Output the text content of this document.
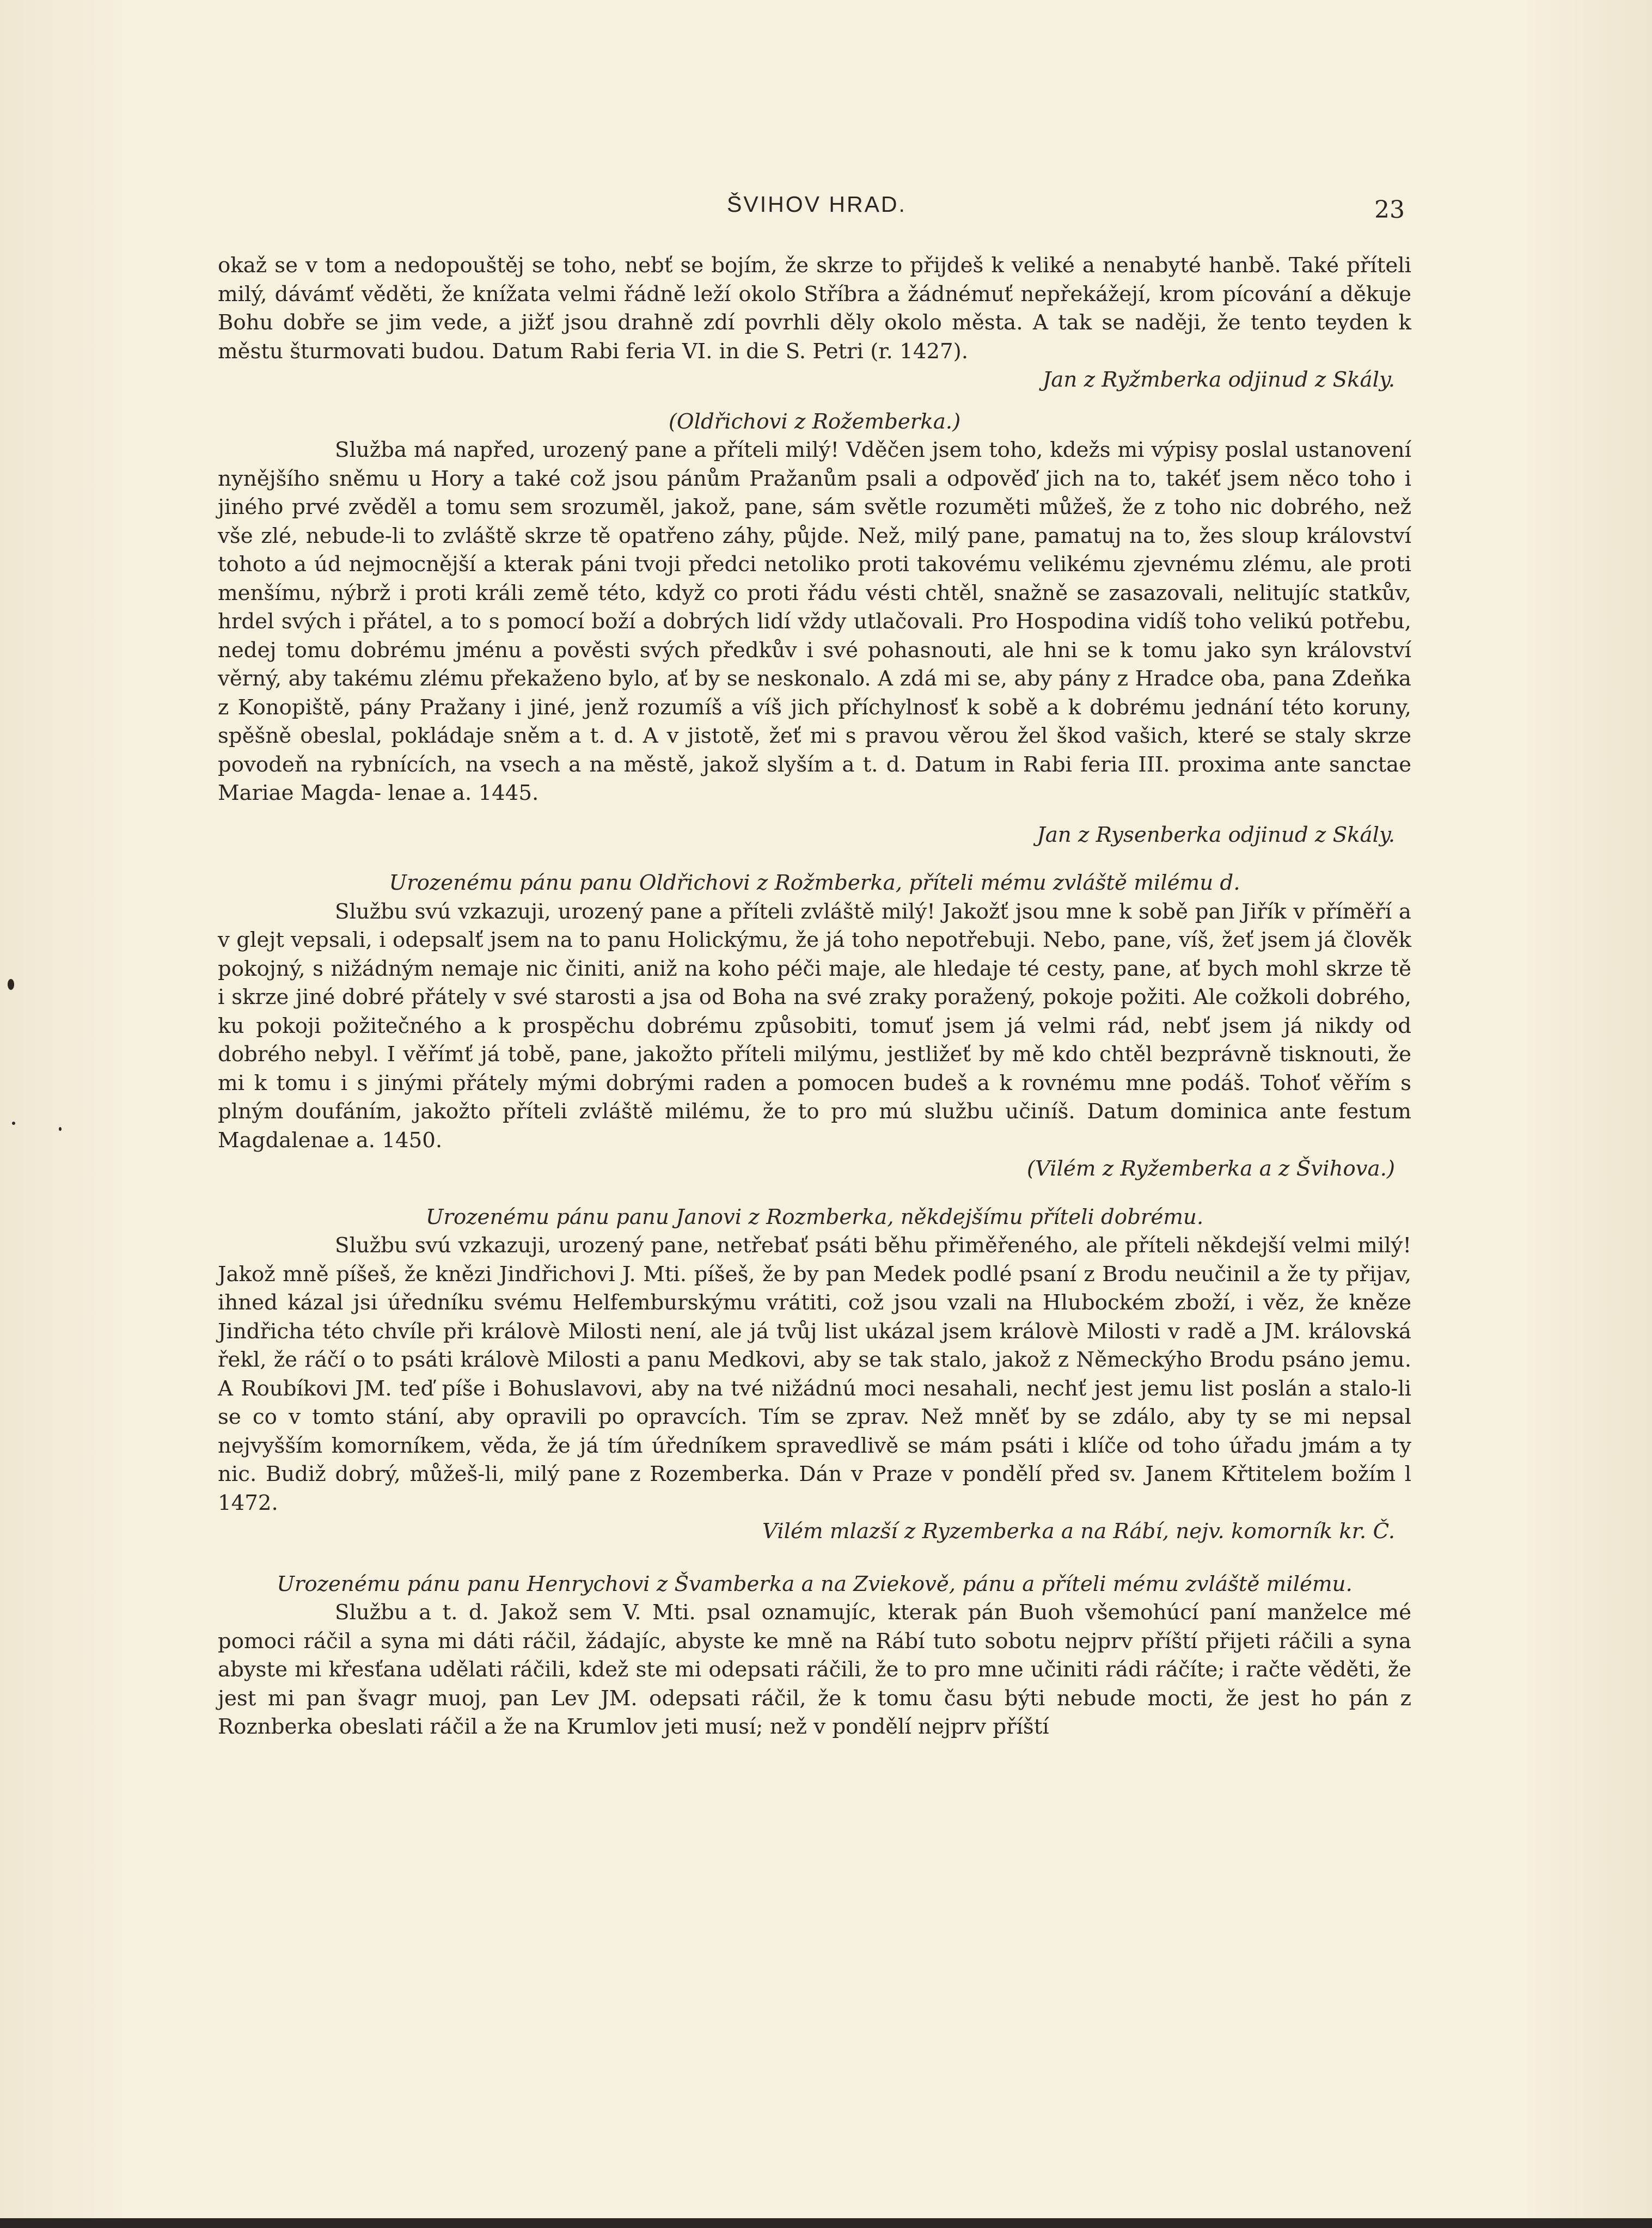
ŠVIHOV HRAD.	23

okaž se v tom a nedopouštěj se toho, nebť se bojím, že skrze to přijdeš k veliké a nenabyté hanbě. Také příteli milý, dávámť věděti, že knížata velmi řádně leží okolo Stříbra a žádnémuť nepřekážejí, krom pícování a děkuje Bohu dobře se jim vede, a jižť jsou drahně zdí povrhli děly okolo města. A tak se naději, že tento teyden k městu šturmovati budou. Datum Rabi feria VI. in die S. Petri (r. 1427).

Jan z Ryžmberka odjinud z Skály.

(Oldřichovi z Rožemberka.)

Služba má napřed, urozený pane a příteli milý! Vděčen jsem toho, kdežs mi výpisy poslal ustanovení nynějšího sněmu u Hory a také což jsou pánům Pražanům psali a odpověď jich na to, takéť jsem něco toho i jiného prvé zvěděl a tomu sem srozuměl, jakož, pane, sám světle rozuměti můžeš, že z toho nic dobrého, než vše zlé, nebude-li to zvláště skrze tě opatřeno záhy, půjde. Než, milý pane, pamatuj na to, žes sloup království tohoto a úd nejmocnější a kterak páni tvoji předci netoliko proti takovému velikému zjevnému zlému, ale proti menšímu, nýbrž i proti králi země této, když co proti řádu vésti chtěl, snažně se zasazovali, nelitujíc statkův, hrdel svých i přátel, a to s pomocí boží a dobrých lidí vždy utlačovali. Pro Hospodina vidíš toho velikú potřebu, nedej tomu dobrému jménu a pověsti svých předkův i své pohasnouti, ale hni se k tomu jako syn království věrný, aby takému zlému překaženo bylo, ať by se neskonalo. A zdá mi se, aby pány z Hradce oba, pana Zdeňka z Konopiště, pány Pražany i jiné, jenž rozumíš a víš jich příchylnosť k sobě a k dobrému jednání této koruny, spěšně obeslal, pokládaje sněm a t. d. A v jistotě, žeť mi s pravou věrou žel škod vašich, které se staly skrze povodeň na rybnících, na vsech a na městě, jakož slyším a t. d. Datum in Rabi feria III. proxima ante sanctae Mariae Magda- lenae a. 1445.

Jan z Rysenberka odjinud z Skály.

Urozenému pánu panu Oldřichovi z Rožmberka, příteli mému zvláště milému d.

Službu svú vzkazuji, urozený pane a příteli zvláště milý! Jakožť jsou mne k sobě pan Jiřík v příměří a v glejt vepsali, i odepsalť jsem na to panu Holickýmu, že já toho nepotřebuji. Nebo, pane, víš, žeť jsem já člověk pokojný, s nižádným nemaje nic činiti, aniž na koho péči maje, ale hledaje té cesty, pane, ať bych mohl skrze tě i skrze jiné dobré přátely v své starosti a jsa od Boha na své zraky poražený, pokoje požiti. Ale cožkoli dobrého, ku pokoji požitečného a k prospěchu dobrému způsobiti, tomuť jsem já velmi rád, nebť jsem já nikdy od dobrého nebyl. I věřímť já tobě, pane, jakožto příteli milýmu, jestližeť by mě kdo chtěl bezprávně tisknouti, že mi k tomu i s jinými přátely mými dobrými raden a pomocen budeš a k rovnému mne podáš. Tohoť věřím s plným doufáním, jakožto příteli zvláště milému, že to pro mú službu učiníš. Datum dominica ante festum Magdalenae a. 1450.

(Vilém z Ryžemberka a z Švihova.)

Urozenému pánu panu Janovi z Rozmberka, někdejšímu příteli dobrému.

Službu svú vzkazuji, urozený pane, netřebať psáti běhu přiměřeného, ale příteli někdejší velmi milý! Jakož mně píšeš, že knězi Jindřichovi J. Mti. píšeš, že by pan Medek podlé psaní z Brodu neučinil a že ty přijav, ihned kázal jsi úředníku svému Helfemburskýmu vrátiti, což jsou vzali na Hlubockém zboží, i věz, že kněze Jindřicha této chvíle při královè Milosti není, ale já tvůj list ukázal jsem královè Milosti v radě a JM. královská řekl, že ráčí o to psáti královè Milosti a panu Medkovi, aby se tak stalo, jakož z Německýho Brodu psáno jemu. A Roubíkovi JM. teď píše i Bohuslavovi, aby na tvé nižádnú moci nesahali, nechť jest jemu list poslán a stalo-li se co v tomto stání, aby opravili po opravcích. Tím se zprav. Než mněť by se zdálo, aby ty se mi nepsal nejvyšším komorníkem, věda, že já tím úředníkem spravedlivě se mám psáti i klíče od toho úřadu jmám a ty nic. Budiž dobrý, můžeš-li, milý pane z Rozemberka. Dán v Praze v pondělí před sv. Janem Křtitelem božím l 1472.

Vilém mlazší z Ryzemberka a na Rábí, nejv. komorník kr. Č.

Urozenému pánu panu Henrychovi z Švamberka a na Zviekově, pánu a příteli mému zvláště milému.

Službu a t. d. Jakož sem V. Mti. psal oznamujíc, kterak pán Buoh všemohúcí paní manželce mé pomoci ráčil a syna mi dáti ráčil, žádajíc, abyste ke mně na Rábí tuto sobotu nejprv příští přijeti ráčili a syna abyste mi křesťana udělati ráčili, kdež ste mi odepsati ráčili, že to pro mne učiniti rádi ráčíte; i račte věděti, že jest mi pan švagr muoj, pan Lev JM. odepsati ráčil, že k tomu času býti nebude mocti, že jest ho pán z Roznberka obeslati ráčil a že na Krumlov jeti musí; než v pondělí nejprv příští
